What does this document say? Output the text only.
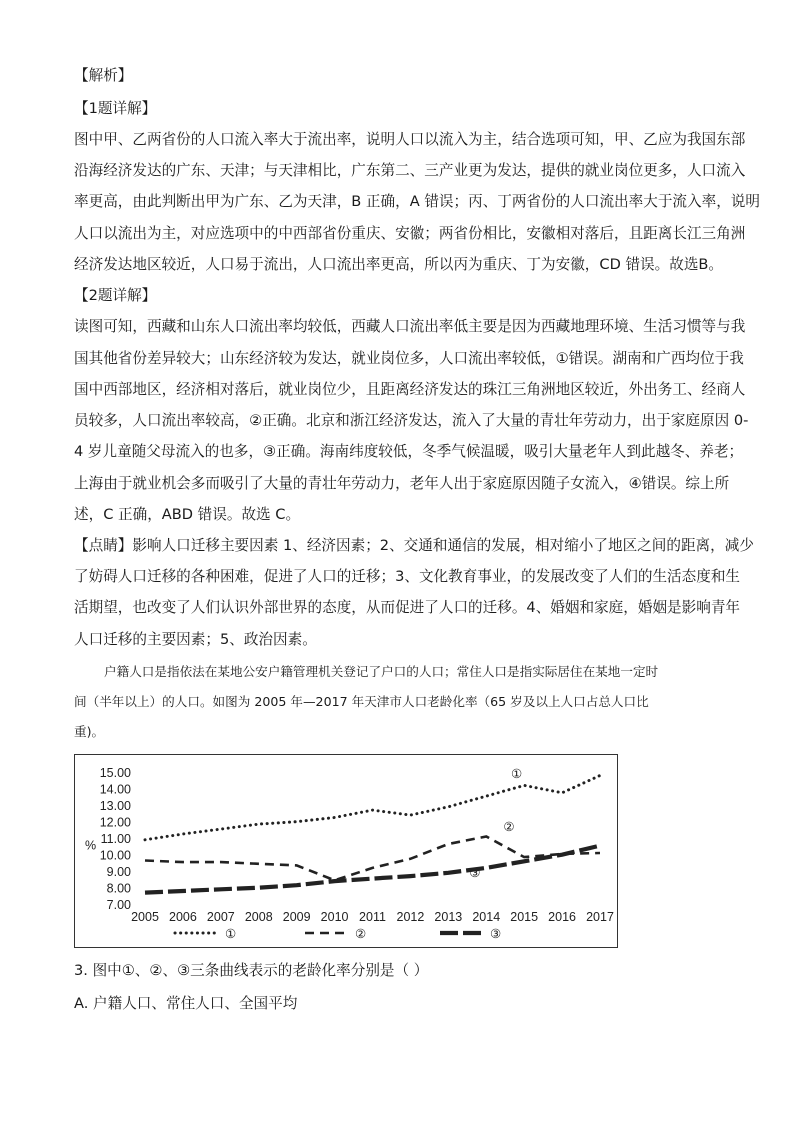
【解析】
【1题详解】
图中甲、乙两省份的人口流入率大于流出率，说明人口以流入为主，结合选项可知，甲、乙应为我国东部
沿海经济发达的广东、天津；与天津相比，广东第二、三产业更为发达，提供的就业岗位更多，人口流入
率更高，由此判断出甲为广东、乙为天津，B 正确，A 错误；丙、丁两省份的人口流出率大于流入率，说明
人口以流出为主，对应选项中的中西部省份重庆、安徽；两省份相比，安徽相对落后，且距离长江三角洲
经济发达地区较近，人口易于流出，人口流出率更高，所以丙为重庆、丁为安徽，CD 错误。故选B。
【2题详解】
读图可知，西藏和山东人口流出率均较低，西藏人口流出率低主要是因为西藏地理环境、生活习惯等与我
国其他省份差异较大；山东经济较为发达，就业岗位多，人口流出率较低，①错误。湖南和广西均位于我
国中西部地区，经济相对落后，就业岗位少，且距离经济发达的珠江三角洲地区较近，外出务工、经商人
员较多，人口流出率较高，②正确。北京和浙江经济发达，流入了大量的青壮年劳动力，出于家庭原因 0-
4 岁儿童随父母流入的也多，③正确。海南纬度较低，冬季气候温暖，吸引大量老年人到此越冬、养老；
上海由于就业机会多而吸引了大量的青壮年劳动力，老年人出于家庭原因随子女流入，④错误。综上所
述，C 正确，ABD 错误。故选 C。
【点睛】影响人口迁移主要因素 1、经济因素；2、交通和通信的发展，相对缩小了地区之间的距离，减少
了妨碍人口迁移的各种困难，促进了人口的迁移；3、文化教育事业，的发展改变了人们的生活态度和生
活期望，也改变了人们认识外部世界的态度，从而促进了人口的迁移。4、婚姻和家庭，婚姻是影响青年
人口迁移的主要因素；5、政治因素。
户籍人口是指依法在某地公安户籍管理机关登记了户口的人口；常住人口是指实际居住在某地一定时
间（半年以上）的人口。如图为 2005 年—2017 年天津市人口老龄化率（65 岁及以上人口占总人口比
重)。
7.00
8.00
9.00
10.00
11.00
12.00
13.00
14.00
15.00
%
2005 2006 2007 2008 2009 2010 2011 2012 2013 2014 2015 2016 2017
①
②
③
①	②	③
3. 图中①、②、③三条曲线表示的老龄化率分别是（ ）
A. 户籍人口、常住人口、全国平均
